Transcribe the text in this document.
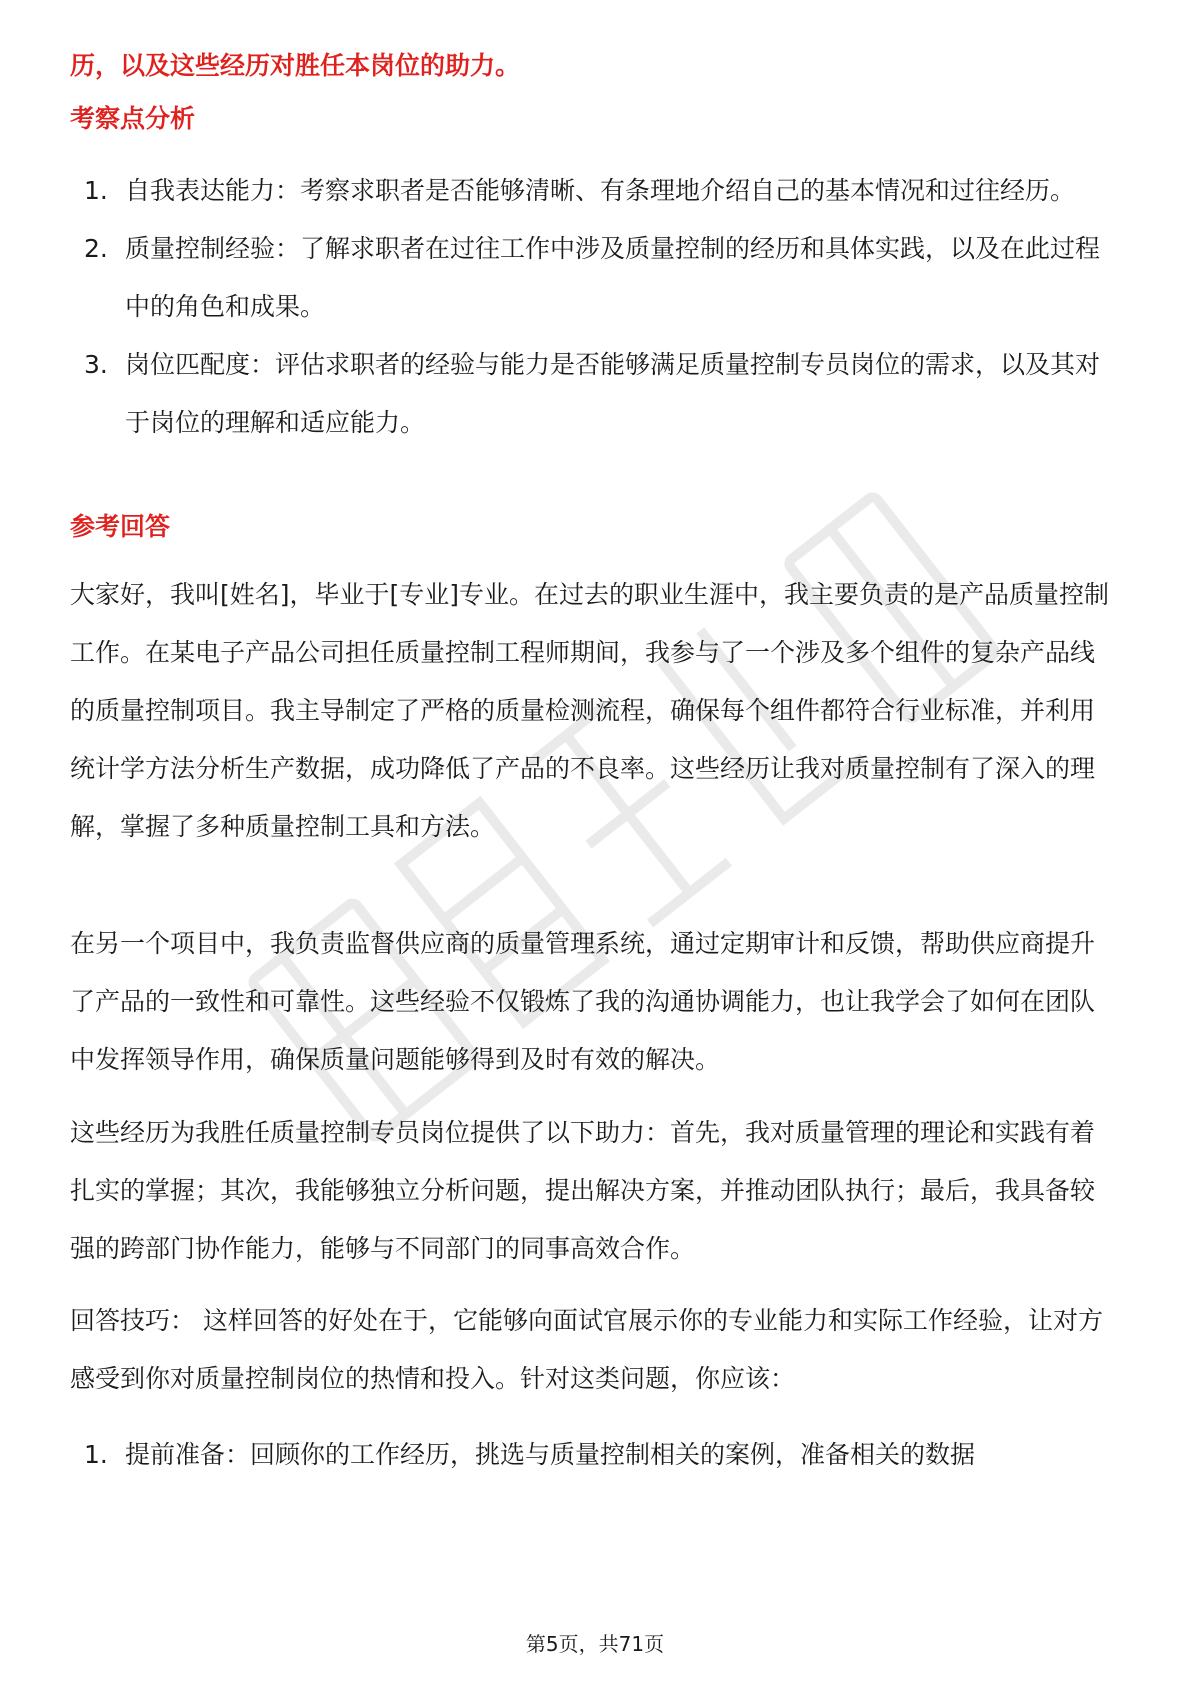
历，以及这些经历对胜任本岗位的助力。

考察点分析
1. 自我表达能力：考察求职者是否能够清晰、有条理地介绍自己的基本情况和过往经历。
2. 质量控制经验：了解求职者在过往工作中涉及质量控制的经历和具体实践，以及在此过程中的角色和成果。
3. 岗位匹配度：评估求职者的经验与能力是否能够满足质量控制专员岗位的需求，以及其对于岗位的理解和适应能力。
参考回答

大家好，我叫[姓名]，毕业于[专业]专业。在过去的职业生涯中，我主要负责的是产品质量控制工作。在某电子产品公司担任质量控制工程师期间，我参与了一个涉及多个组件的复杂产品线的质量控制项目。我主导制定了严格的质量检测流程，确保每个组件都符合行业标准，并利用统计学方法分析生产数据，成功降低了产品的不良率。这些经历让我对质量控制有了深入的理解，掌握了多种质量控制工具和方法。

在另一个项目中，我负责监督供应商的质量管理系统，通过定期审计和反馈，帮助供应商提升了产品的一致性和可靠性。这些经验不仅锻炼了我的沟通协调能力，也让我学会了如何在团队中发挥领导作用，确保质量问题能够得到及时有效的解决。

这些经历为我胜任质量控制专员岗位提供了以下助力：首先，我对质量管理的理论和实践有着扎实的掌握；其次，我能够独立分析问题，提出解决方案，并推动团队执行；最后，我具备较强的跨部门协作能力，能够与不同部门的同事高效合作。

回答技巧： 这样回答的好处在于，它能够向面试官展示你的专业能力和实际工作经验，让对方感受到你对质量控制岗位的热情和投入。针对这类问题，你应该：

1. 提前准备：回顾你的工作经历，挑选与质量控制相关的案例，准备相关的数据
第5页，共71页
